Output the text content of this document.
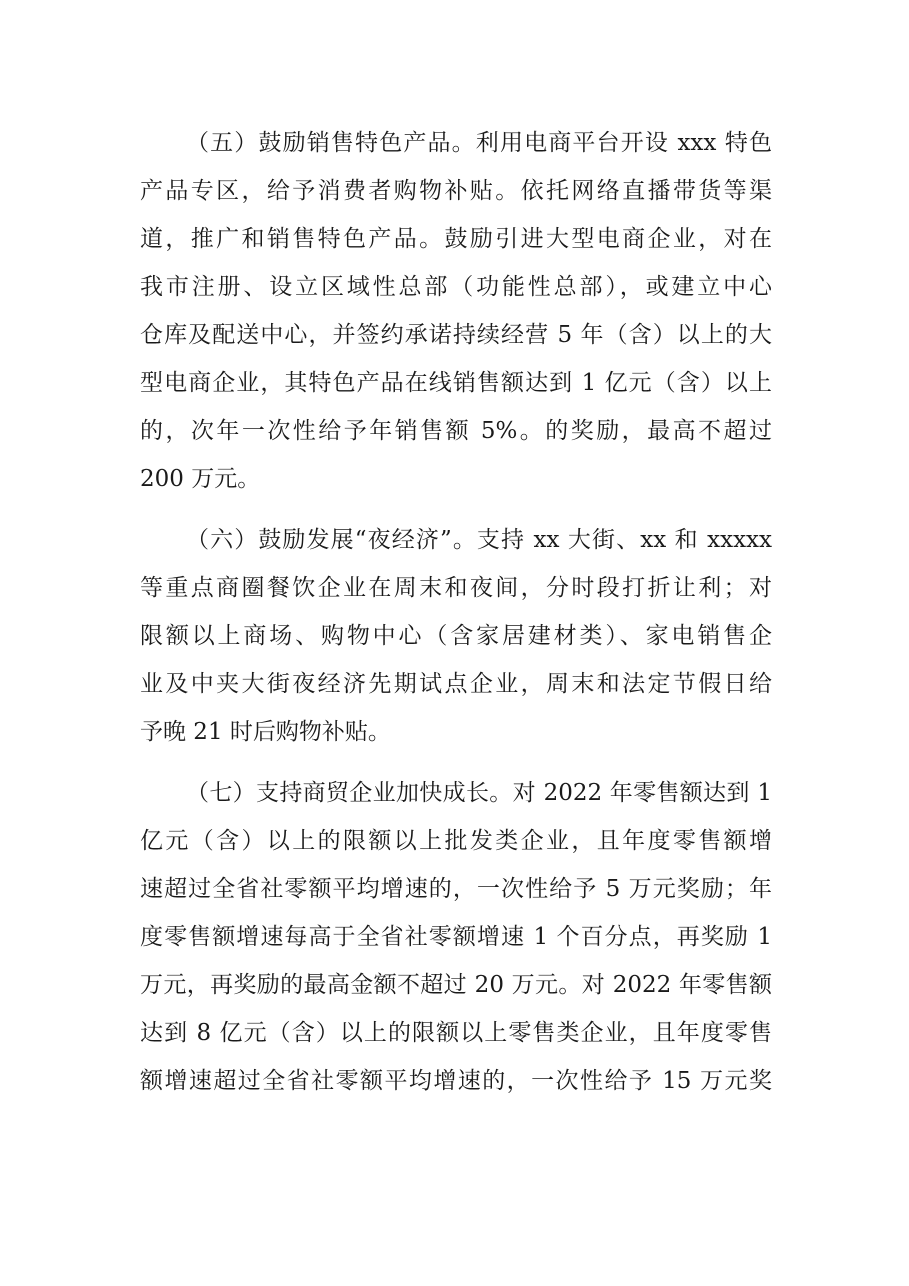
（五）鼓励销售特色产品。利用电商平台开设 xxx 特色
产品专区，给予消费者购物补贴。依托网络直播带货等渠
道，推广和销售特色产品。鼓励引进大型电商企业，对在
我市注册、设立区域性总部（功能性总部），或建立中心
仓库及配送中心，并签约承诺持续经营 5 年（含）以上的大
型电商企业，其特色产品在线销售额达到 1 亿元（含）以上
的，次年一次性给予年销售额 5%。的奖励，最高不超过
200 万元。
（六）鼓励发展“夜经济”。支持 xx 大街、xx 和 xxxxx
等重点商圈餐饮企业在周末和夜间，分时段打折让利；对
限额以上商场、购物中心（含家居建材类）、家电销售企
业及中夹大街夜经济先期试点企业，周末和法定节假日给
予晚 21 时后购物补贴。
（七）支持商贸企业加快成长。对 2022 年零售额达到 1
亿元（含）以上的限额以上批发类企业，且年度零售额增
速超过全省社零额平均增速的，一次性给予 5 万元奖励；年
度零售额增速每高于全省社零额增速 1 个百分点，再奖励 1
万元，再奖励的最高金额不超过 20 万元。对 2022 年零售额
达到 8 亿元（含）以上的限额以上零售类企业，且年度零售
额增速超过全省社零额平均增速的，一次性给予 15 万元奖
